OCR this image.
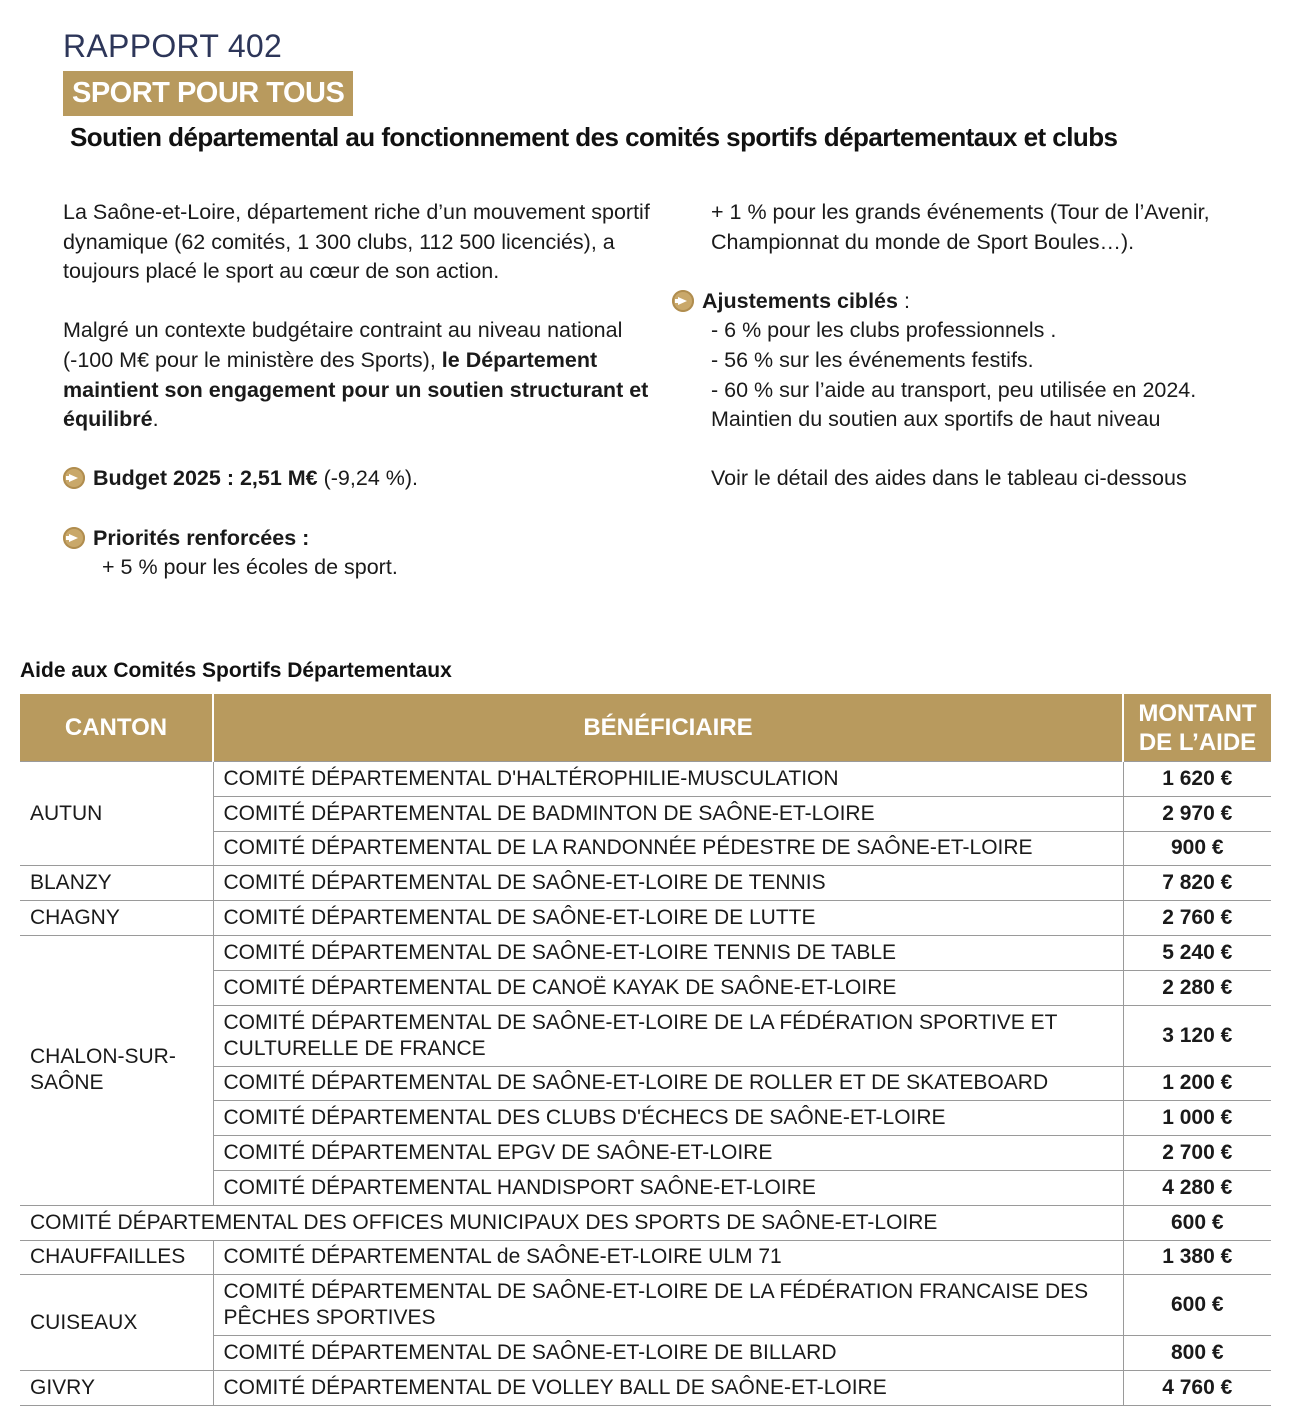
RAPPORT 402
SPORT POUR TOUS
Soutien départemental au fonctionnement des comités sportifs départementaux et clubs

La Saône-et-Loire, département riche d’un mouvement sportif dynamique (62 comités, 1 300 clubs, 112 500 licenciés), a toujours placé le sport au cœur de son action.

Malgré un contexte budgétaire contraint au niveau national (-100 M€ pour le ministère des Sports), le Département maintient son engagement pour un soutien structurant et équilibré.

Budget 2025 : 2,51 M€ (-9,24 %).

Priorités renforcées :

+ 5 % pour les écoles de sport.

+ 1 % pour les grands événements (Tour de l’Avenir, Championnat du monde de Sport Boules…).

Ajustements ciblés :

- 6 % pour les clubs professionnels .

- 56 % sur les événements festifs.

- 60 % sur l’aide au transport, peu utilisée en 2024.

Maintien du soutien aux sportifs de haut niveau

Voir le détail des aides dans le tableau ci-dessous

Aide aux Comités Sportifs Départementaux
CANTON	BÉNÉFICIAIRE	MONTANT
DE L’AIDE
AUTUN	COMITÉ DÉPARTEMENTAL D'HALTÉROPHILIE-MUSCULATION	1 620 €
	COMITÉ DÉPARTEMENTAL DE BADMINTON DE SAÔNE-ET-LOIRE	2 970 €
	COMITÉ DÉPARTEMENTAL DE LA RANDONNÉE PÉDESTRE DE SAÔNE-ET-LOIRE	900 €
BLANZY	COMITÉ DÉPARTEMENTAL DE SAÔNE-ET-LOIRE DE TENNIS	7 820 €
CHAGNY	COMITÉ DÉPARTEMENTAL DE SAÔNE-ET-LOIRE DE LUTTE	2 760 €
CHALON-SUR-SAÔNE	COMITÉ DÉPARTEMENTAL DE SAÔNE-ET-LOIRE TENNIS DE TABLE	5 240 €
	COMITÉ DÉPARTEMENTAL DE CANOË KAYAK DE SAÔNE-ET-LOIRE	2 280 €
	COMITÉ DÉPARTEMENTAL DE SAÔNE-ET-LOIRE DE LA FÉDÉRATION SPORTIVE ET CULTURELLE DE FRANCE	3 120 €
	COMITÉ DÉPARTEMENTAL DE SAÔNE-ET-LOIRE DE ROLLER ET DE SKATEBOARD	1 200 €
	COMITÉ DÉPARTEMENTAL DES CLUBS D'ÉCHECS DE SAÔNE-ET-LOIRE	1 000 €
	COMITÉ DÉPARTEMENTAL EPGV DE SAÔNE-ET-LOIRE	2 700 €
	COMITÉ DÉPARTEMENTAL HANDISPORT SAÔNE-ET-LOIRE	4 280 €
COMITÉ DÉPARTEMENTAL DES OFFICES MUNICIPAUX DES SPORTS DE SAÔNE-ET-LOIRE		600 €
CHAUFFAILLES	COMITÉ DÉPARTEMENTAL de SAÔNE-ET-LOIRE ULM 71	1 380 €
CUISEAUX	COMITÉ DÉPARTEMENTAL DE SAÔNE-ET-LOIRE DE LA FÉDÉRATION FRANCAISE DES PÊCHES SPORTIVES	600 €
	COMITÉ DÉPARTEMENTAL DE SAÔNE-ET-LOIRE DE BILLARD	800 €
GIVRY	COMITÉ DÉPARTEMENTAL DE VOLLEY BALL DE SAÔNE-ET-LOIRE	4 760 €
